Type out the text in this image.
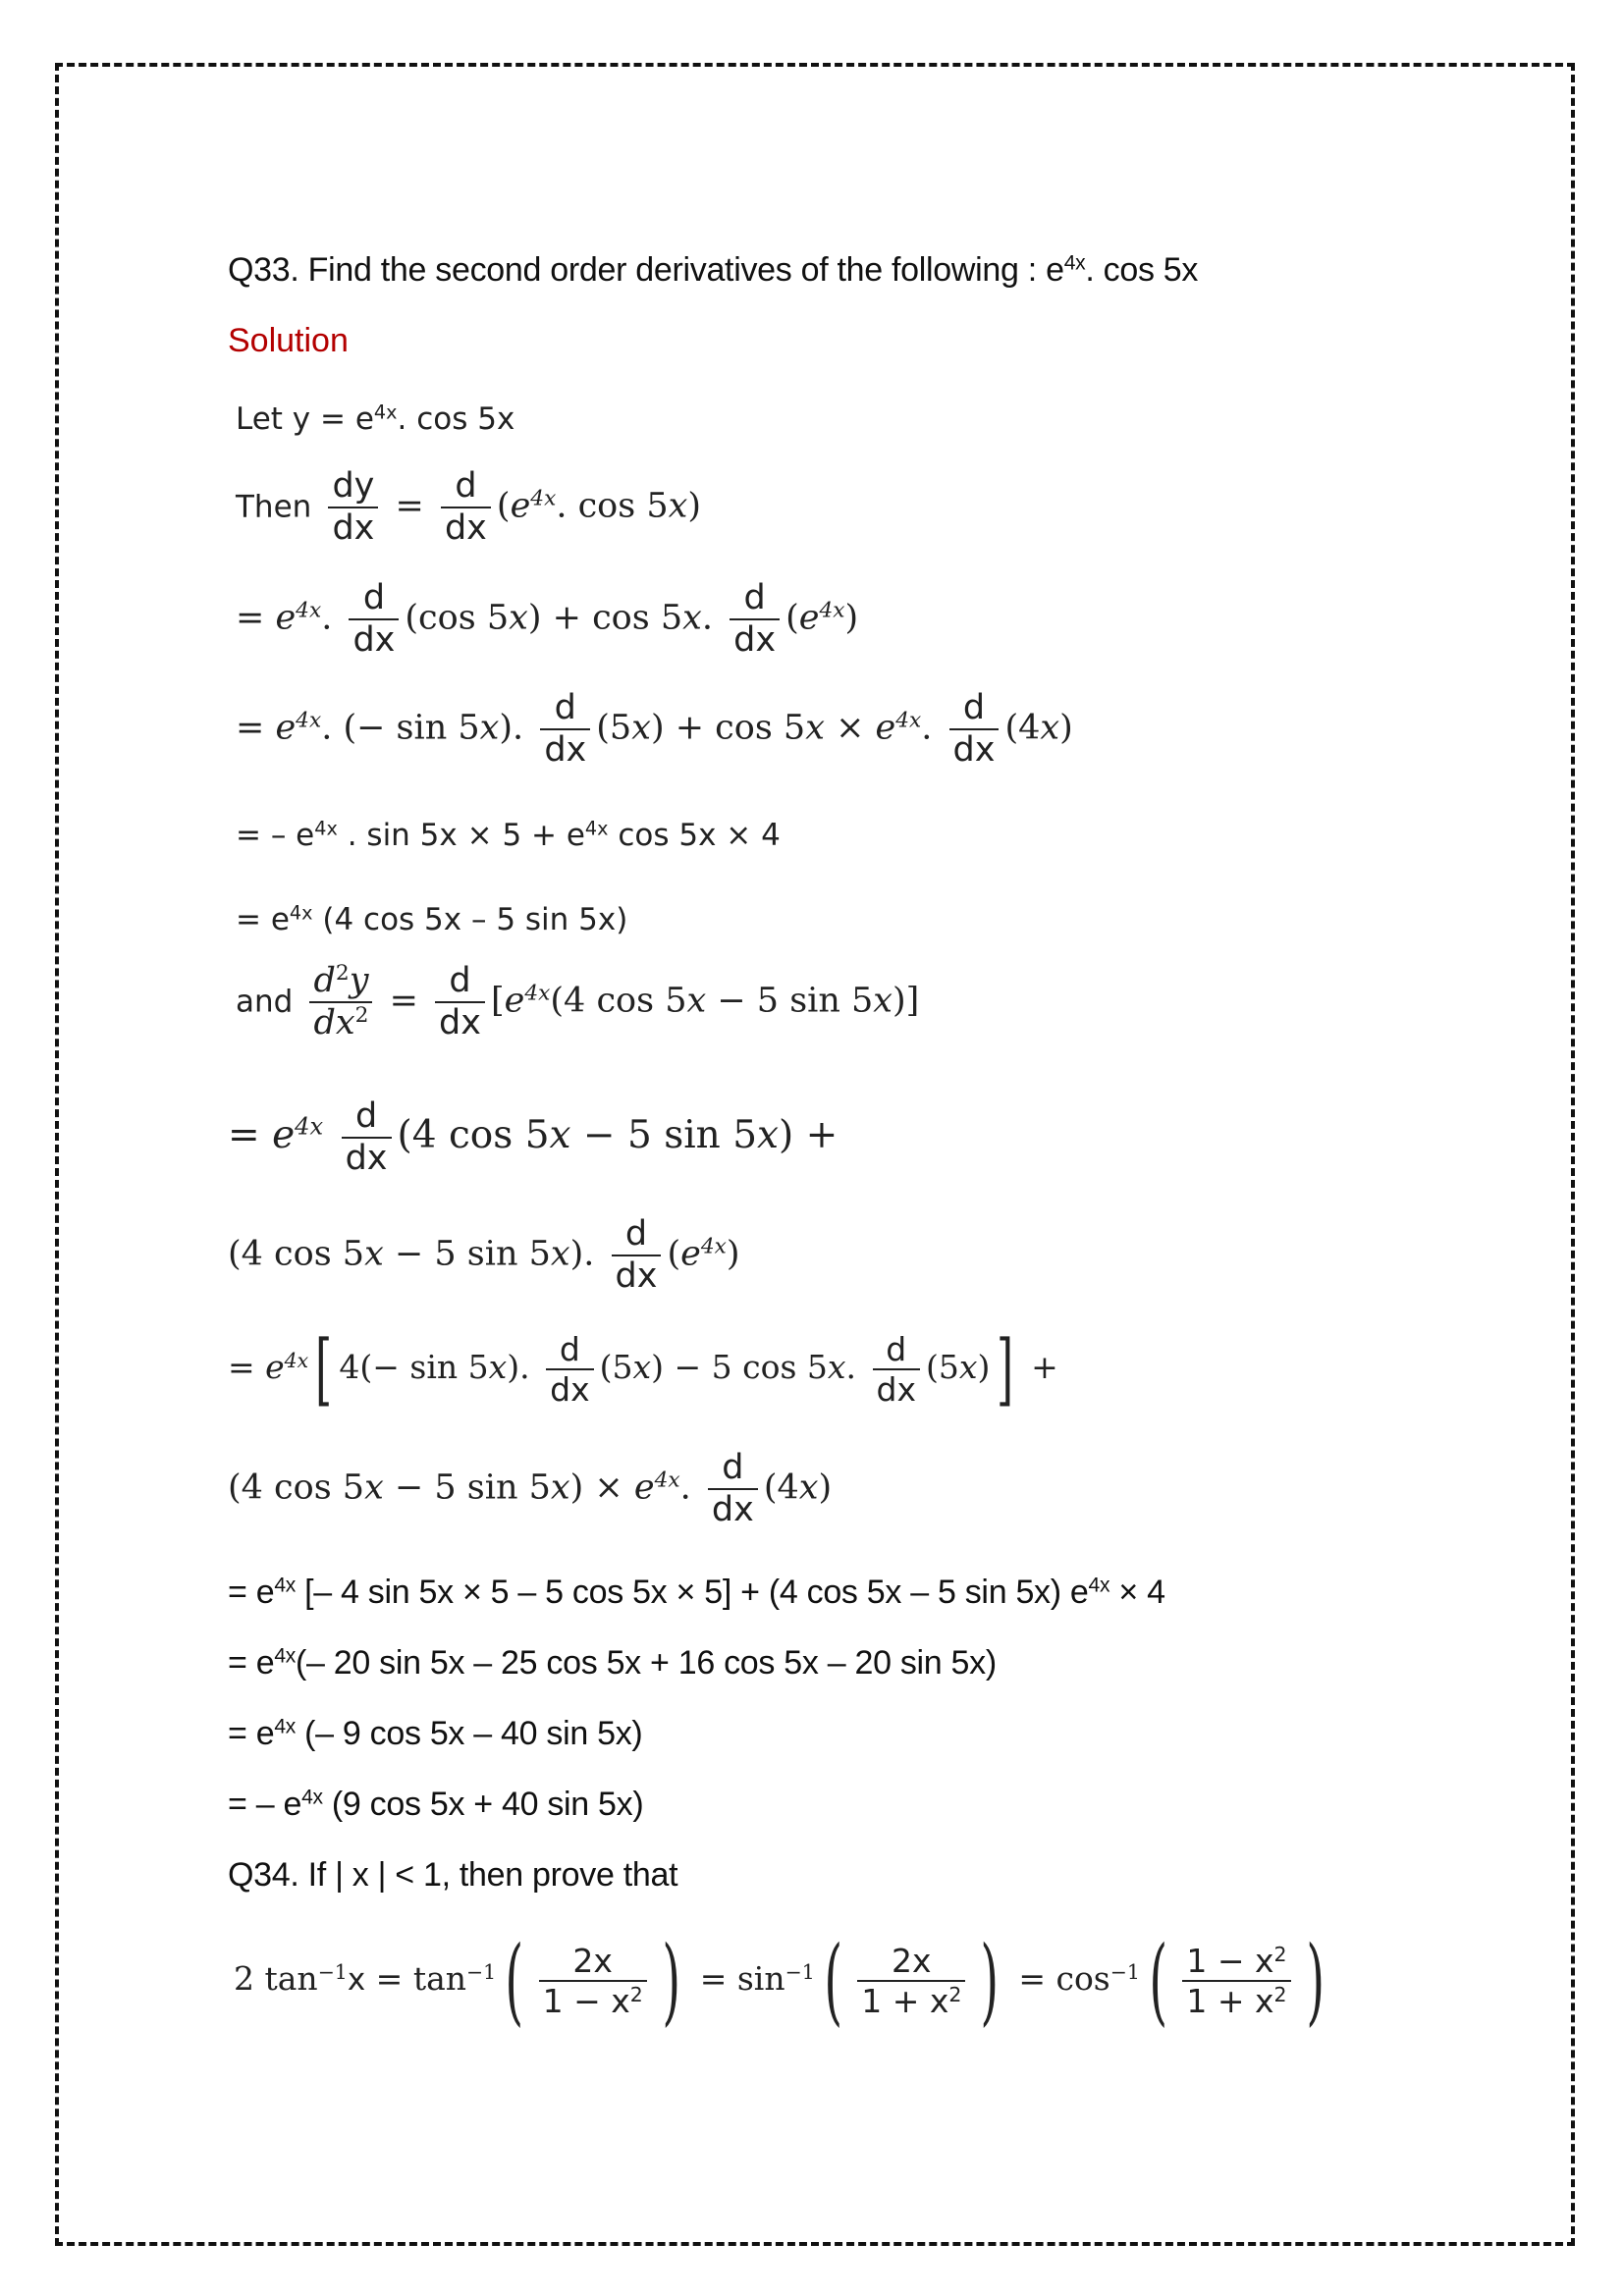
Q33. Find the second order derivatives of the following : $e^{4x}$. cos 5x
Solution
Let $y = e^{4x}$. cos 5x
Then $\frac{dy}{dx} = \frac{d}{dx} (e^{4x}$. cos 5x)
= $e^{4x}$. $\frac{d}{dx} (\cos$ 5x) + cos 5x. $\frac{d}{dx} (e^{4x})$
= $e^{4x}$. (− sin 5x). $\frac{d}{dx} (5x) + \cos 5x \times e^{4x}$. $\frac{d}{dx} (4x)$
= – $e^{4x}$ . $\sin 5x \times 5 + e^{4x}$ cos 5x × 4
= $e^{4x}$ (4 cos 5x – 5 sin 5x)
and $\frac{d^2y}{dx^2} = \frac{d}{dx} [e^{4x}(4$ cos 5x − 5 sin 5x)]
= $e^{4x} \frac{d}{dx} (4$ cos 5x − 5 sin 5x) +
(4 cos 5x − 5 sin 5x). $\frac{d}{dx} (e^{4x})$
= $e^{4x}$[ 4(− sin 5x). $\frac{d}{dx} (5x) - 5$ cos 5x. $\frac{d}{dx} (5x)$] +
(4 cos 5x − 5 $\sin 5x) \times e^{4x}$. $\frac{d}{dx} (4x)$
= $e^{4x}$ [– 4 sin 5x × 5 – 5 cos 5x × 5] + (4 cos 5x – 5 sin 5x) $e^{4x} \times 4$
= $e^{4x}(-$ 20 sin 5x – 25 cos 5x + 16 cos 5x – 20 sin 5x)
= $e^{4x}$ (– 9 cos 5x – 40 sin 5x)
= – $e^{4x}$ (9 cos 5x + 40 sin 5x)
Q34. If | x | < 1, then prove that
2 $\tan^{-1}x = \tan^{-1}( \frac{2x}{1 - x^2}$ ) = $\sin^{-1}( \frac{2x}{1 + x^2}$ ) = $\cos^{-1}( \frac{1 - x^2}{1 + x^2}$ )
